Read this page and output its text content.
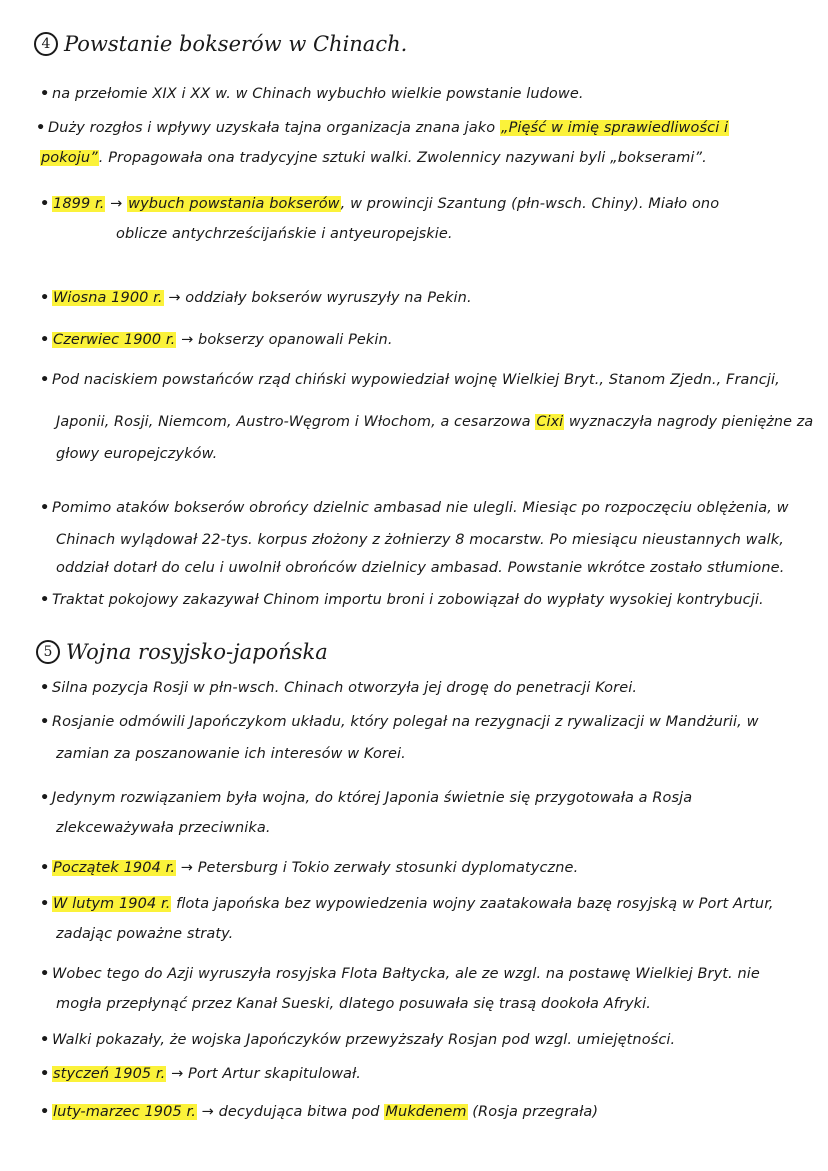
4 Powstanie bokserów w Chinach.
• na przełomie XIX i XX w. w Chinach wybuchło wielkie powstanie ludowe.
• Duży rozgłos i wpływy uzyskała tajna organizacja znana jako „Pięść w imię sprawiedliwości i
pokoju”. Propagowała ona tradycyjne sztuki walki. Zwolennicy nazywani byli „bokserami”.
• 1899 r. → wybuch powstania bokserów, w prowincji Szantung (płn-wsch. Chiny). Miało ono
oblicze antychrześcijańskie i antyeuropejskie.
• Wiosna 1900 r. → oddziały bokserów wyruszyły na Pekin.
• Czerwiec 1900 r. → bokserzy opanowali Pekin.
• Pod naciskiem powstańców rząd chiński wypowiedział wojnę Wielkiej Bryt., Stanom Zjedn., Francji,
Japonii, Rosji, Niemcom, Austro-Węgrom i Włochom, a cesarzowa Cixi wyznaczyła nagrody pieniężne za
głowy europejczyków.
• Pomimo ataków bokserów obrońcy dzielnic ambasad nie ulegli. Miesiąc po rozpoczęciu oblężenia, w
Chinach wylądował 22-tys. korpus złożony z żołnierzy 8 mocarstw. Po miesiącu nieustannych walk,
oddział dotarł do celu i uwolnił obrońców dzielnicy ambasad. Powstanie wkrótce zostało stłumione.
• Traktat pokojowy zakazywał Chinom importu broni i zobowiązał do wypłaty wysokiej kontrybucji.
5 Wojna rosyjsko-japońska
• Silna pozycja Rosji w płn-wsch. Chinach otworzyła jej drogę do penetracji Korei.
• Rosjanie odmówili Japończykom układu, który polegał na rezygnacji z rywalizacji w Mandżurii, w
zamian za poszanowanie ich interesów w Korei.
• Jedynym rozwiązaniem była wojna, do której Japonia świetnie się przygotowała a Rosja
zlekceważywała przeciwnika.
• Początek 1904 r. → Petersburg i Tokio zerwały stosunki dyplomatyczne.
• W lutym 1904 r. flota japońska bez wypowiedzenia wojny zaatakowała bazę rosyjską w Port Artur,
zadając poważne straty.
• Wobec tego do Azji wyruszyła rosyjska Flota Bałtycka, ale ze wzgl. na postawę Wielkiej Bryt. nie
mogła przepłynąć przez Kanał Sueski, dlatego posuwała się trasą dookoła Afryki.
• Walki pokazały, że wojska Japończyków przewyższały Rosjan pod wzgl. umiejętności.
• styczeń 1905 r. → Port Artur skapitulował.
• luty-marzec 1905 r. → decydująca bitwa pod Mukdenem (Rosja przegrała)
